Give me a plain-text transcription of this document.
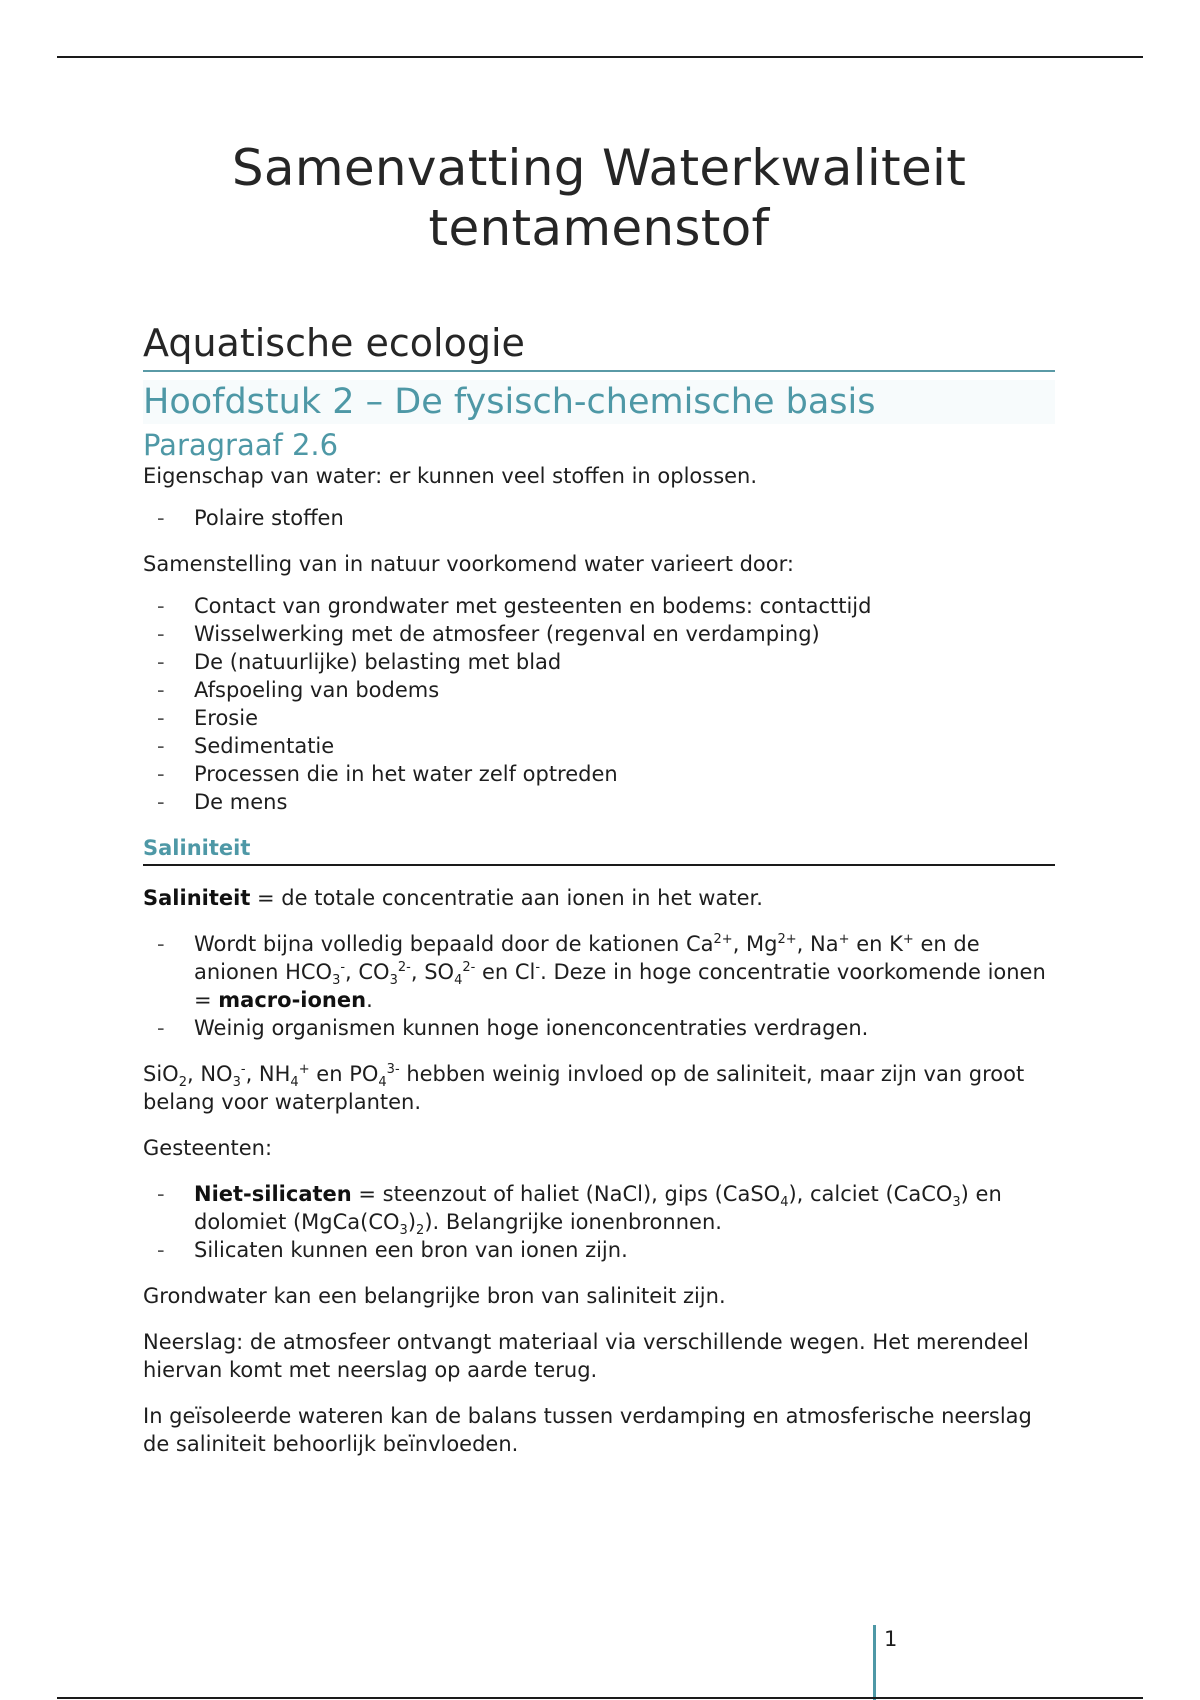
Samenvatting Waterkwaliteit
tentamenstof
Aquatische ecologie
Hoofdstuk 2 – De fysisch-chemische basis
Paragraaf 2.6

Eigenschap van water: er kunnen veel stoffen in oplossen.

- Polaire stoffen

Samenstelling van in natuur voorkomend water varieert door:

- Contact van grondwater met gesteenten en bodems: contacttijd
- Wisselwerking met de atmosfeer (regenval en verdamping)
- De (natuurlijke) belasting met blad
- Afspoeling van bodems
- Erosie
- Sedimentatie
- Processen die in het water zelf optreden
- De mens
Saliniteit

Saliniteit = de totale concentratie aan ionen in het water.

- Wordt bijna volledig bepaald door de kationen $Ca^{2+}$, $Mg^{2+}$, Na+ en K+ en de anionen $HCO_3^-$, $CO_3^{2-}$, $SO_4^{2-}$ en Cl-. Deze in hoge concentratie voorkomende ionen = macro-ionen.
- Weinig organismen kunnen hoge ionenconcentraties verdragen.

SiO$_2$, $NO_3^-$, $NH_4^+$ en $PO_4^{3-}$ hebben weinig invloed op de saliniteit, maar zijn van groot belang voor waterplanten.

Gesteenten:

- Niet-silicaten = steenzout of haliet (NaCl), gips (CaSO$_4$), calciet (CaCO$_3$) en dolomiet $(MgCa(CO_3)_2)$. Belangrijke ionenbronnen.
- Silicaten kunnen een bron van ionen zijn.

Grondwater kan een belangrijke bron van saliniteit zijn.

Neerslag: de atmosfeer ontvangt materiaal via verschillende wegen. Het merendeel hiervan komt met neerslag op aarde terug.

In geïsoleerde wateren kan de balans tussen verdamping en atmosferische neerslag de saliniteit behoorlijk beïnvloeden.

1
